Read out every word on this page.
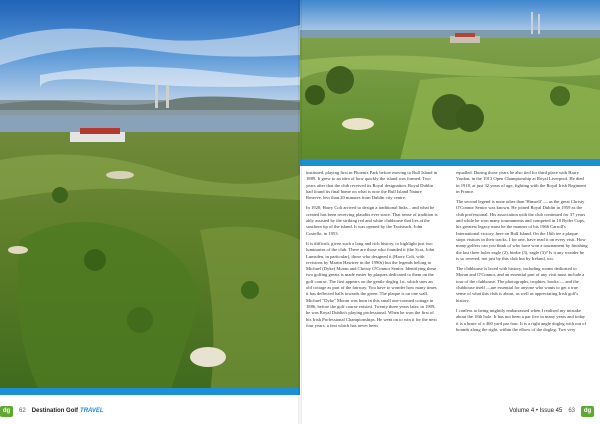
dg	62 Destination Golf TRAVEL

instituted, playing first in Phoenix Park before moving to Bull Island in 1889. It grew to an idea of how quickly the island was formed. Two years after that the club received its Royal designation. Royal Dublin had found its final home on what is now the Bull Island Nature Reserve, less than 20 minutes from Dublin city centre.

In 1920, Harry Colt arrived to design a traditional links... and what he created has been receiving plaudits ever since. That sense of tradition is ably assisted by the striking red and white clubhouse that lies at the southern tip of the island. It was opened by the Taoiseach, John Costello, in 1953.

It is difficult, given such a long and rich history, to highlight just two luminaries of the club. There are those who founded it (the Scot, John Lumsden, in particular), those who designed it (Harry Colt, with revisions by Martin Hawtree in the 1990s) but the legends belong to Michael (Dyke) Moran and Christy O'Connor Senior. Identifying these two golfing greats is made easier by plaques dedicated to them on the golf course. The first appears on the gentle dogleg 1st, which uses an old cottage as part of the fairway. You have to wonder how many times it has deflected balls towards the green. The plaque is on one wall. Michael "Dyke" Moran was born in this small one-roomed cottage in 1886, before the golf course existed. Twenty three years later, in 1909, he was Royal Dublin's playing professional. When he won the first of his Irish Professional Championships. He went on to win it for the next four years, a feat which has never been

equalled. During those years he also tied for third place with Harry Vardon, in the 1913 Open Championship at Royal Liverpool. He died in 1918, at just 32 years of age, fighting with the Royal Irish Regiment in France.

The second legend is none other than 'Himself' — as the great Christy O'Connor Senior was known. He joined Royal Dublin in 1959 as the club professional. His association with the club continued for 37 years and while he won many tournaments and competed in 10 Ryder Cups, his greatest legacy must be the manner of his 1966 Carroll's International victory, here on Bull Island. On the 16th tee a plaque stops visitors in their tracks. I for one, have read it on every visit. How many golfers can you think of who have won a tournament by finishing the last three holes eagle (2), birdie (3), eagle (3)? Is it any wonder he is so revered, not just by this club but by Ireland, too.

The clubhouse is laced with history, including rooms dedicated to Moran and O'Connor, and an essential part of any visit must include a tour of the clubhouse. The photographs, trophies, books — and the clubhouse itself —are essential for anyone who wants to get a true sense of what this club is about, as well as appreciating Irish golf's history.

I confess to being mightily embarrassed when I realised my mistake about the 18th hole. It has not been a par five in many years and today it is a brute of a 460 yard par four. It is a right angle dogleg with out of bounds along the right, within the elbow of the dogleg. Two very

Volume 4 • Issue 45 63	dg
